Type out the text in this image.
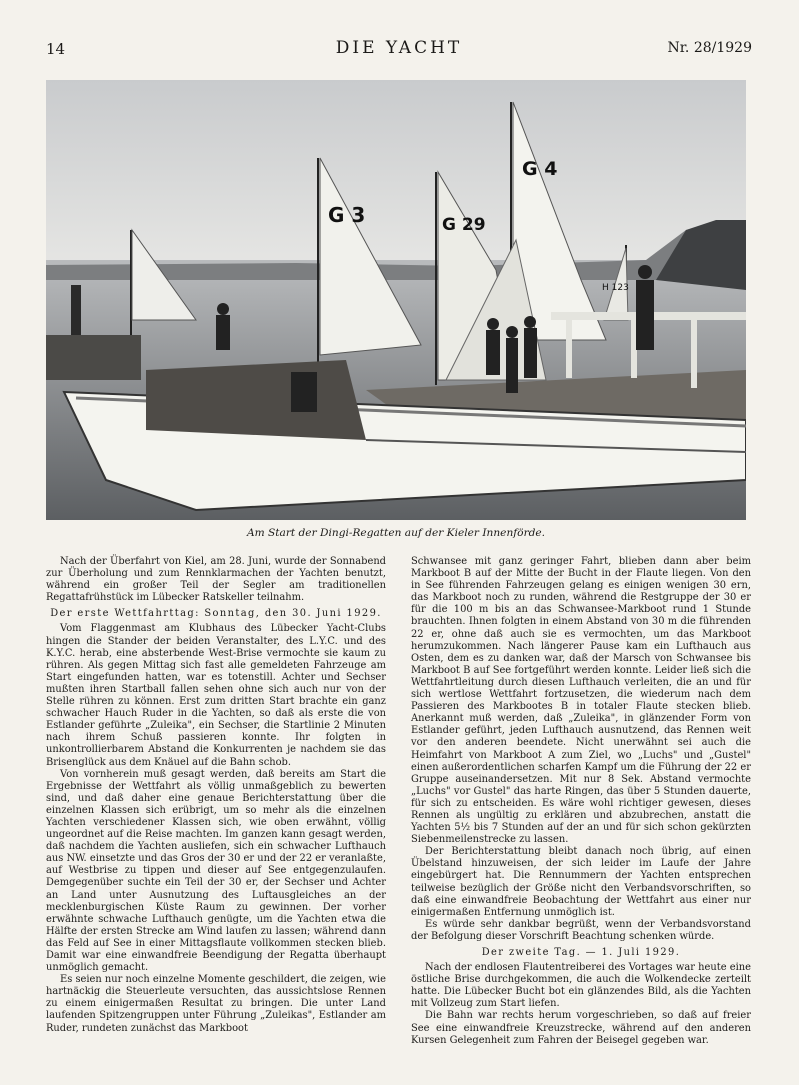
14	DIE YACHT	Nr. 28/1929
G 3	G 29
G 4
H 123
Am Start der Dingi-Regatten auf der Kieler Innenförde.

Nach der Überfahrt von Kiel, am 28. Juni, wurde der Sonnabend zur Überholung und zum Rennklarmachen der Yachten benutzt, während ein großer Teil der Segler am traditionellen Regattafrühstück im Lübecker Ratskeller teilnahm.

Der erste Wettfahrttag: Sonntag, den 30. Juni 1929.

Vom Flaggenmast am Klubhaus des Lübecker Yacht-Clubs hingen die Stander der beiden Veranstalter, des L.Y.C. und des K.Y.C. herab, eine absterbende West-Brise vermochte sie kaum zu rühren. Als gegen Mittag sich fast alle gemeldeten Fahrzeuge am Start eingefunden hatten, war es totenstill. Achter und Sechser mußten ihren Startball fallen sehen ohne sich auch nur von der Stelle rühren zu können. Erst zum dritten Start brachte ein ganz schwacher Hauch Ruder in die Yachten, so daß als erste die von Estlander geführte „Zuleika", ein Sechser, die Startlinie 2 Minuten nach ihrem Schuß passieren konnte. Ihr folgten in unkontrollierbarem Abstand die Konkurrenten je nachdem sie das Brisenglück aus dem Knäuel auf die Bahn schob.

Von vornherein muß gesagt werden, daß bereits am Start die Ergebnisse der Wettfahrt als völlig unmaßgeblich zu bewerten sind, und daß daher eine genaue Berichterstattung über die einzelnen Klassen sich erübrigt, um so mehr als die einzelnen Yachten verschiedener Klassen sich, wie oben erwähnt, völlig ungeordnet auf die Reise machten. Im ganzen kann gesagt werden, daß nachdem die Yachten ausliefen, sich ein schwacher Lufthauch aus NW. einsetzte und das Gros der 30 er und der 22 er veranlaßte, auf Westbrise zu tippen und dieser auf See entgegenzulaufen. Demgegenüber suchte ein Teil der 30 er, der Sechser und Achter an Land unter Ausnutzung des Luftausgleiches an der mecklenburgischen Küste Raum zu gewinnen. Der vorher erwähnte schwache Lufthauch genügte, um die Yachten etwa die Hälfte der ersten Strecke am Wind laufen zu lassen; während dann das Feld auf See in einer Mittagsflaute vollkommen stecken blieb. Damit war eine einwandfreie Beendigung der Regatta überhaupt unmöglich gemacht.

Es seien nur noch einzelne Momente geschildert, die zeigen, wie hartnäckig die Steuerleute versuchten, das aussichtslose Rennen zu einem einigermaßen Resultat zu bringen. Die unter Land laufenden Spitzengruppen unter Führung „Zuleikas", Estlander am Ruder, rundeten zunächst das Markboot

Schwansee mit ganz geringer Fahrt, blieben dann aber beim Markboot B auf der Mitte der Bucht in der Flaute liegen. Von den in See führenden Fahrzeugen gelang es einigen wenigen 30 ern, das Markboot noch zu runden, während die Restgruppe der 30 er für die 100 m bis an das Schwansee-Markboot rund 1 Stunde brauchten. Ihnen folgten in einem Abstand von 30 m die führenden 22 er, ohne daß auch sie es vermochten, um das Markboot herumzukommen. Nach längerer Pause kam ein Lufthauch aus Osten, dem es zu danken war, daß der Marsch von Schwansee bis Markboot B auf See fortgeführt werden konnte. Leider ließ sich die Wettfahrtleitung durch diesen Lufthauch verleiten, die an und für sich wertlose Wettfahrt fortzusetzen, die wiederum nach dem Passieren des Markbootes B in totaler Flaute stecken blieb. Anerkannt muß werden, daß „Zuleika", in glänzender Form von Estlander geführt, jeden Lufthauch ausnutzend, das Rennen weit vor den anderen beendete. Nicht unerwähnt sei auch die Heimfahrt von Markboot A zum Ziel, wo „Luchs" und „Gustel" einen außerordentlichen scharfen Kampf um die Führung der 22 er Gruppe auseinandersetzen. Mit nur 8 Sek. Abstand vermochte „Luchs" vor Gustel" das harte Ringen, das über 5 Stunden dauerte, für sich zu entscheiden. Es wäre wohl richtiger gewesen, dieses Rennen als ungültig zu erklären und abzubrechen, anstatt die Yachten 5½ bis 7 Stunden auf der an und für sich schon gekürzten Siebenmeilenstrecke zu lassen.

Der Berichterstattung bleibt danach noch übrig, auf einen Übelstand hinzuweisen, der sich leider im Laufe der Jahre eingebürgert hat. Die Rennummern der Yachten entsprechen teilweise bezüglich der Größe nicht den Verbandsvorschriften, so daß eine einwandfreie Beobachtung der Wettfahrt aus einer nur einigermaßen Entfernung unmöglich ist.

Es würde sehr dankbar begrüßt, wenn der Verbandsvorstand der Befolgung dieser Vorschrift Beachtung schenken würde.

Der zweite Tag. — 1. Juli 1929.

Nach der endlosen Flautentreiberei des Vortages war heute eine östliche Brise durchgekommen, die auch die Wolkendecke zerteilt hatte. Die Lübecker Bucht bot ein glänzendes Bild, als die Yachten mit Vollzeug zum Start liefen.

Die Bahn war rechts herum vorgeschrieben, so daß auf freier See eine einwandfreie Kreuzstrecke, während auf den anderen Kursen Gelegenheit zum Fahren der Beisegel gegeben war.
